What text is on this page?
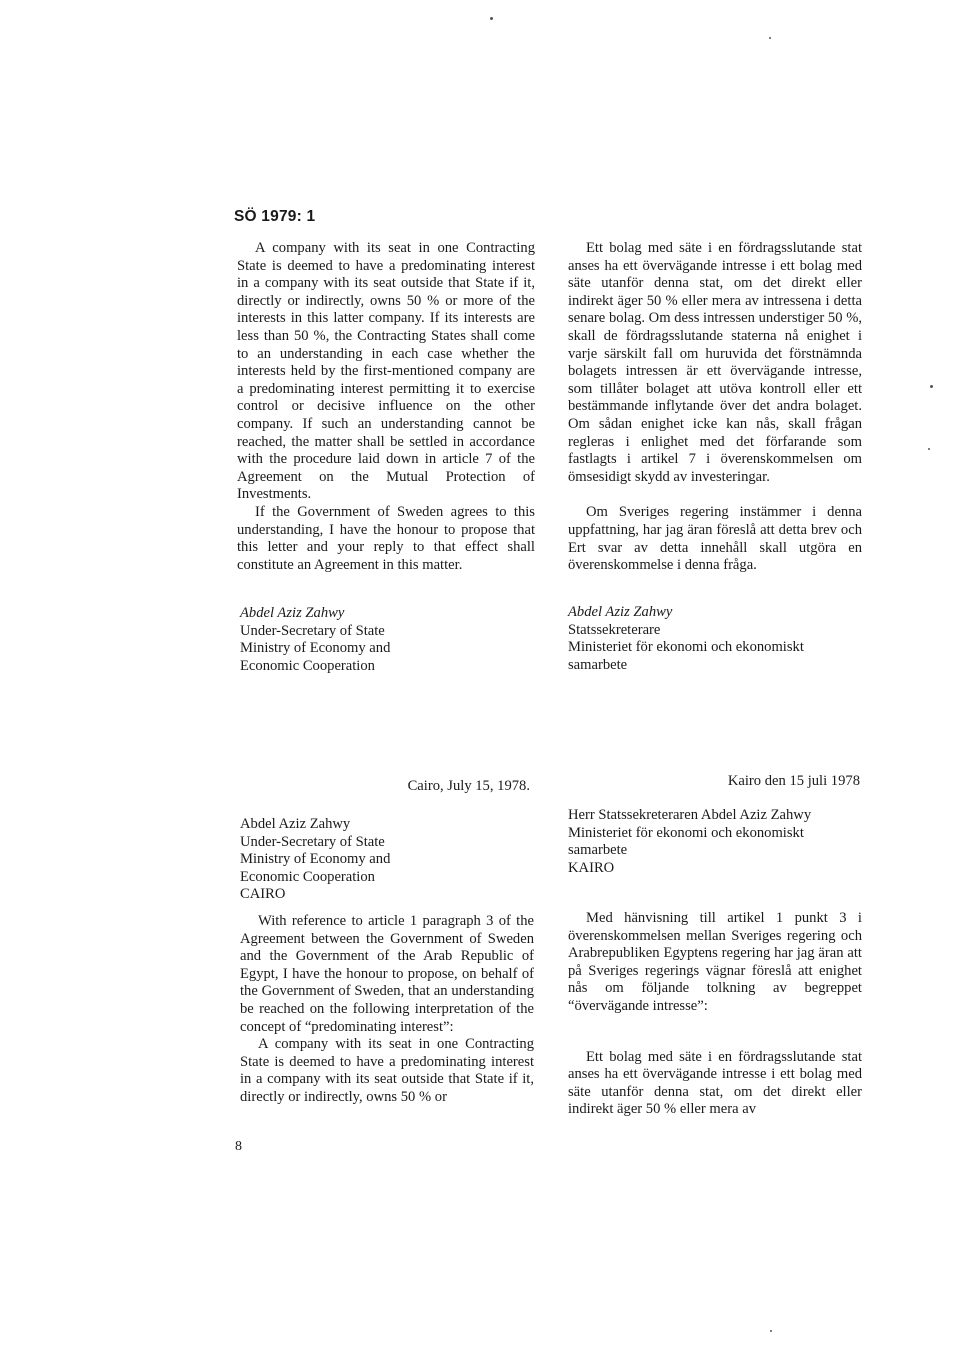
SÖ 1979: 1

A company with its seat in one Contracting State is deemed to have a predominating interest in a company with its seat outside that State if it, directly or indirectly, owns 50 % or more of the interests in this latter company. If its interests are less than 50 %, the Contracting States shall come to an understanding in each case whether the interests held by the first-mentioned company are a predominating interest permitting it to exercise control or decisive influence on the other company. If such an understanding cannot be reached, the matter shall be settled in accordance with the procedure laid down in article 7 of the Agreement on the Mutual Protection of Investments.

If the Government of Sweden agrees to this understanding, I have the honour to propose that this letter and your reply to that effect shall constitute an Agreement in this matter.

Abdel Aziz Zahwy
Under-Secretary of State
Ministry of Economy and
Economic Cooperation

Ett bolag med säte i en fördragsslutande stat anses ha ett övervägande intresse i ett bolag med säte utanför denna stat, om det direkt eller indirekt äger 50 % eller mera av intressena i detta senare bolag. Om dess intressen understiger 50 %, skall de fördragsslutande staterna nå enighet i varje särskilt fall om huruvida det förstnämnda bolagets intressen är ett övervägande intresse, som tillåter bolaget att utöva kontroll eller ett bestämmande inflytande över det andra bolaget. Om sådan enighet icke kan nås, skall frågan regleras i enlighet med det förfarande som fastlagts i artikel 7 i överenskommelsen om ömsesidigt skydd av investeringar.

Om Sveriges regering instämmer i denna uppfattning, har jag äran föreslå att detta brev och Ert svar av detta innehåll skall utgöra en överenskommelse i denna fråga.

Abdel Aziz Zahwy
Statssekreterare
Ministeriet för ekonomi och ekonomiskt samarbete
Cairo, July 15, 1978.	Kairo den 15 juli 1978
Abdel Aziz Zahwy
Under-Secretary of State
Ministry of Economy and
Economic Cooperation
CAIRO
Herr Statssekreteraren Abdel Aziz Zahwy
Ministeriet för ekonomi och ekonomiskt samarbete
KAIRO

With reference to article 1 paragraph 3 of the Agreement between the Government of Sweden and the Government of the Arab Republic of Egypt, I have the honour to propose, on behalf of the Government of Sweden, that an understanding be reached on the following interpretation of the concept of “predominating interest”:

A company with its seat in one Contracting State is deemed to have a predominating interest in a company with its seat outside that State if it, directly or indirectly, owns 50 % or

Med hänvisning till artikel 1 punkt 3 i överenskommelsen mellan Sveriges regering och Arabrepubliken Egyptens regering har jag äran att på Sveriges regerings vägnar föreslå att enighet nås om följande tolkning av begreppet “övervägande intresse”:

Ett bolag med säte i en fördragsslutande stat anses ha ett övervägande intresse i ett bolag med säte utanför denna stat, om det direkt eller indirekt äger 50 % eller mera av

8
